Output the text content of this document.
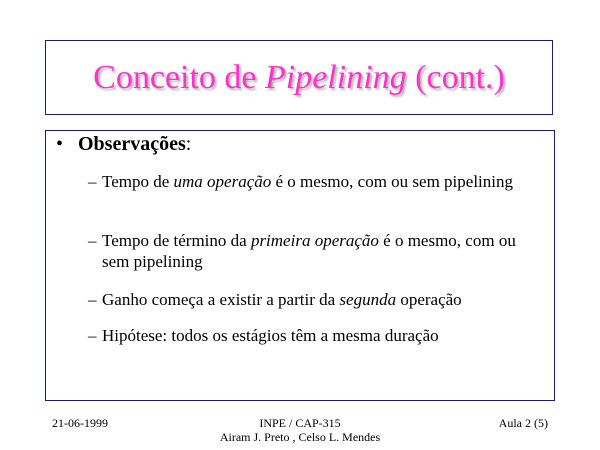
Conceito de Pipelining (cont.)
• Observações :
– Tempo de uma operação é o mesmo, com ou sem pipelining
– Tempo de término da primeira operação é o mesmo, com ou sem pipelining
– Ganho começa a existir a partir da segunda operação
– Hipótese: todos os estágios têm a mesma duração
21-06-1999	INPE / CAP-315
Airam J. Preto , Celso L. Mendes
Aula 2 (5)
